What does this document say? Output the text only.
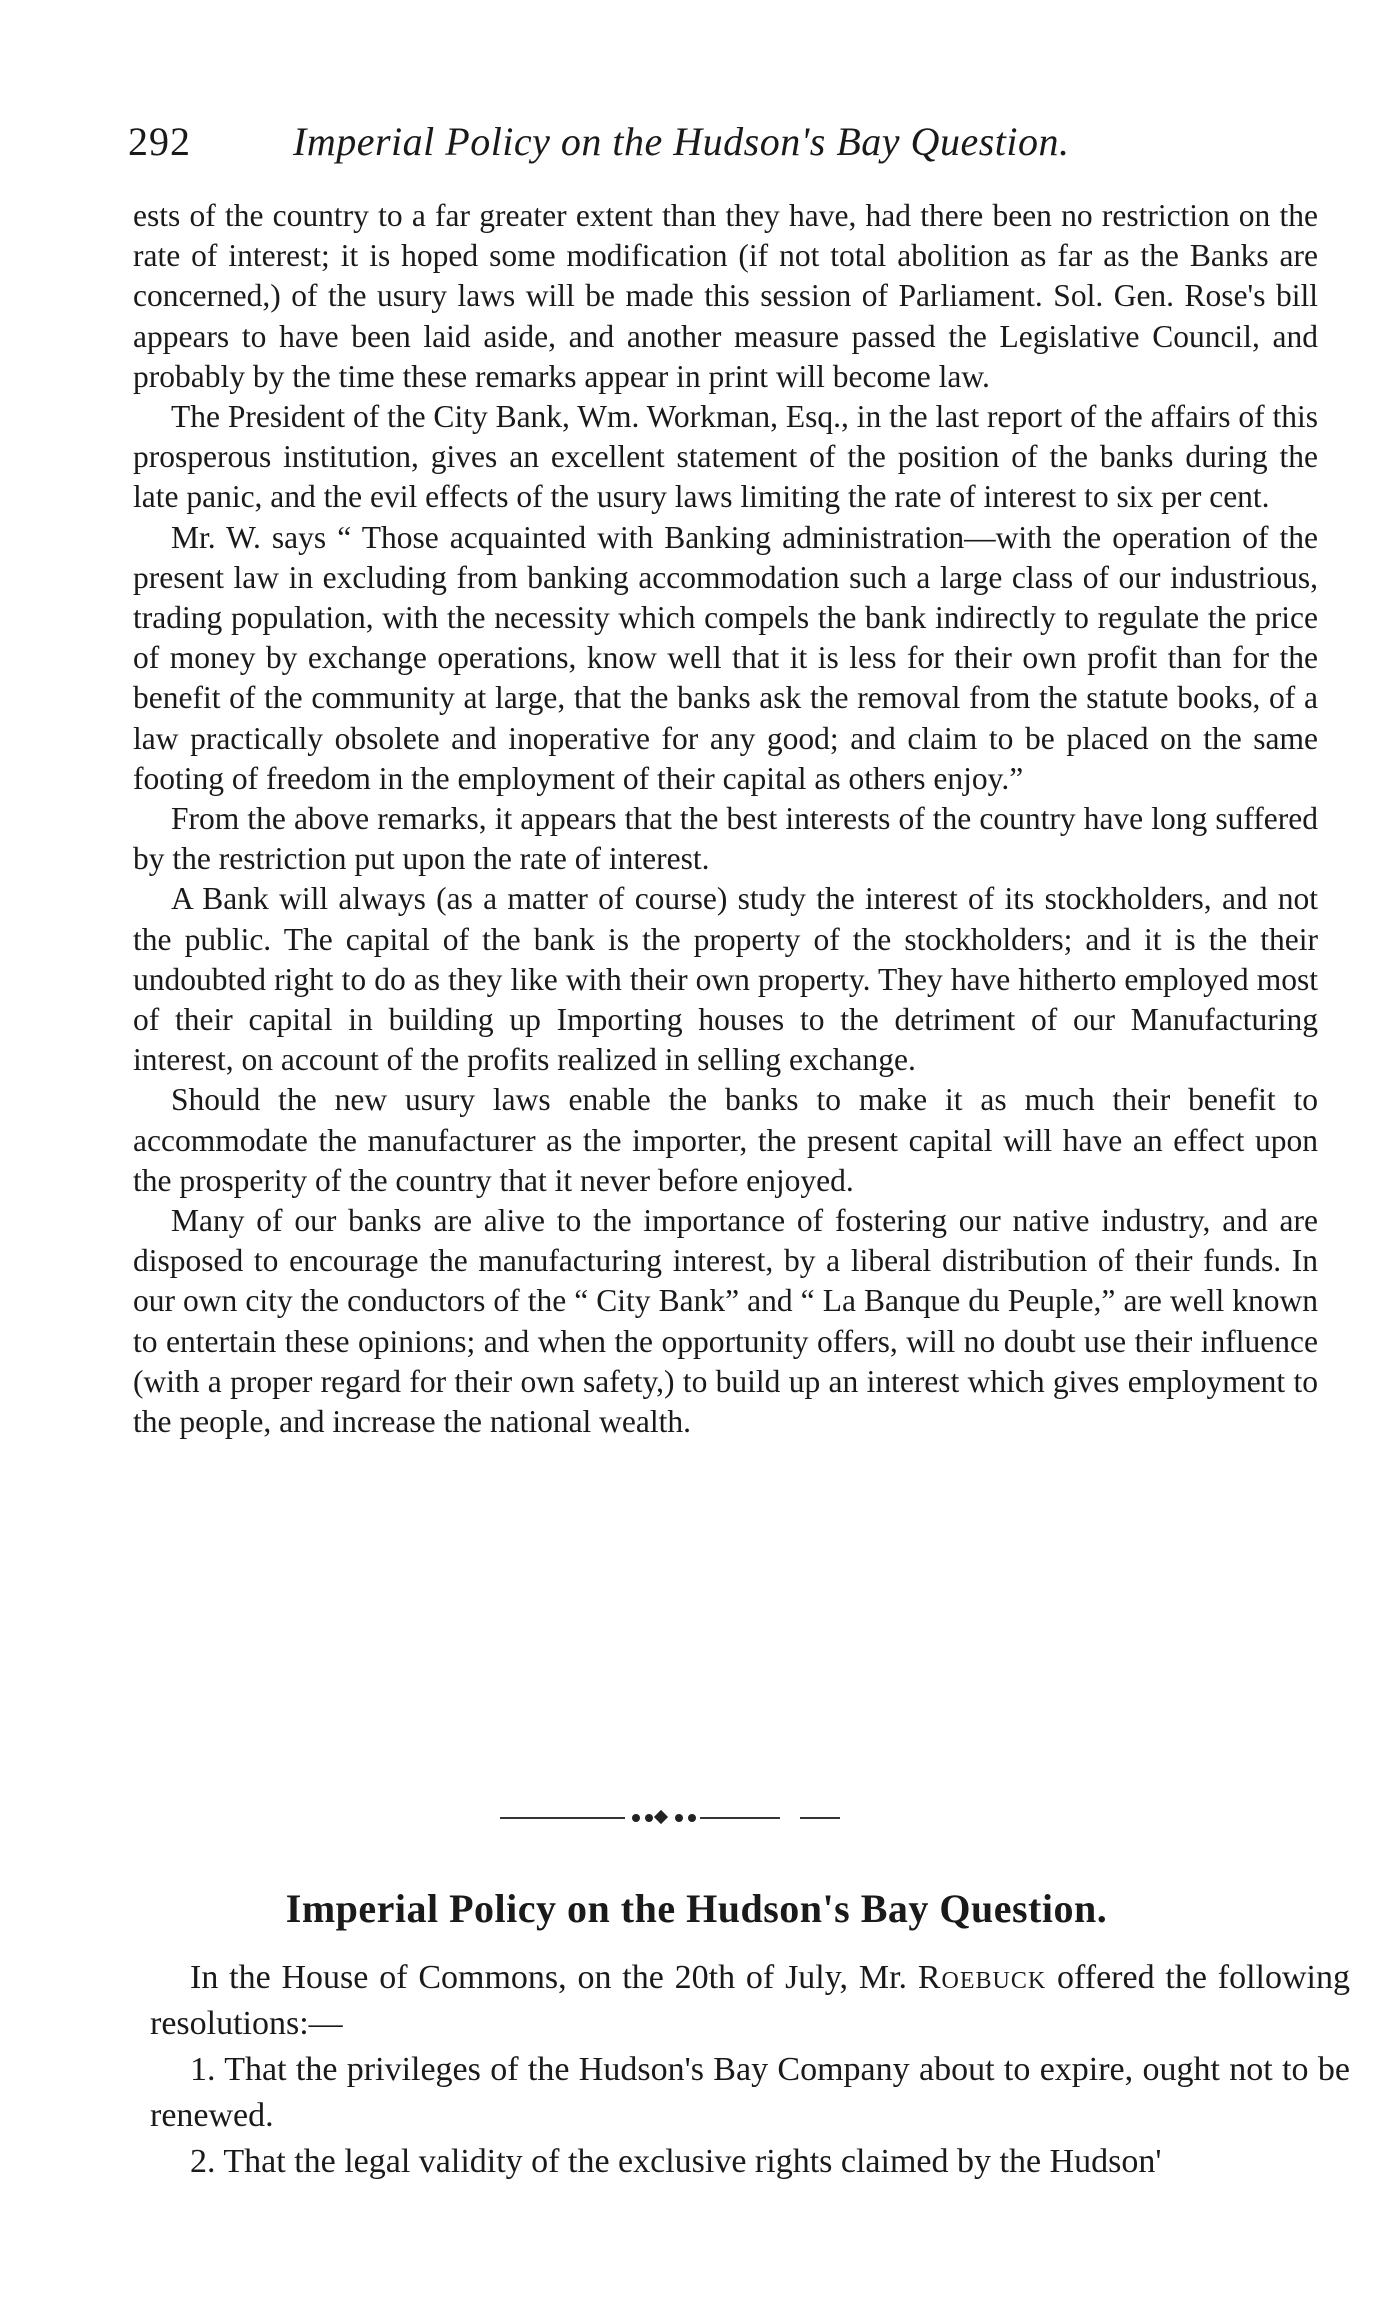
292	Imperial Policy on the Hudson's Bay Question.

ests of the country to a far greater extent than they have, had there been no restriction on the rate of interest; it is hoped some modification (if not total abolition as far as the Banks are concerned,) of the usury laws will be made this session of Parliament. Sol. Gen. Rose's bill appears to have been laid aside, and another measure passed the Legislative Council, and probably by the time these remarks appear in print will become law.

The President of the City Bank, Wm. Workman, Esq., in the last report of the affairs of this prosperous institution, gives an excellent statement of the position of the banks during the late panic, and the evil effects of the usury laws limiting the rate of interest to six per cent.

Mr. W. says “ Those acquainted with Banking administration—with the operation of the present law in excluding from banking accommodation such a large class of our industrious, trading population, with the necessity which compels the bank indirectly to regulate the price of money by exchange operations, know well that it is less for their own profit than for the benefit of the community at large, that the banks ask the removal from the statute books, of a law practically obsolete and inoperative for any good; and claim to be placed on the same footing of freedom in the employment of their capital as others enjoy.”

From the above remarks, it appears that the best interests of the country have long suffered by the restriction put upon the rate of interest.

A Bank will always (as a matter of course) study the interest of its stockholders, and not the public. The capital of the bank is the property of the stockholders; and it is the their undoubted right to do as they like with their own property. They have hitherto employed most of their capital in building up Importing houses to the detriment of our Manufacturing interest, on account of the profits realized in selling exchange.

Should the new usury laws enable the banks to make it as much their benefit to accommodate the manufacturer as the importer, the present capital will have an effect upon the prosperity of the country that it never before enjoyed.

Many of our banks are alive to the importance of fostering our native industry, and are disposed to encourage the manufacturing interest, by a liberal distribution of their funds. In our own city the conductors of the “ City Bank” and “ La Banque du Peuple,” are well known to entertain these opinions; and when the opportunity offers, will no doubt use their influence (with a proper regard for their own safety,) to build up an interest which gives employment to the people, and increase the national wealth.

Imperial Policy on the Hudson's Bay Question.

In the House of Commons, on the 20th of July, Mr. Roebuck offered the following resolutions:—

1. That the privileges of the Hudson's Bay Company about to expire, ought not to be renewed.

2. That the legal validity of the exclusive rights claimed by the Hudson'
